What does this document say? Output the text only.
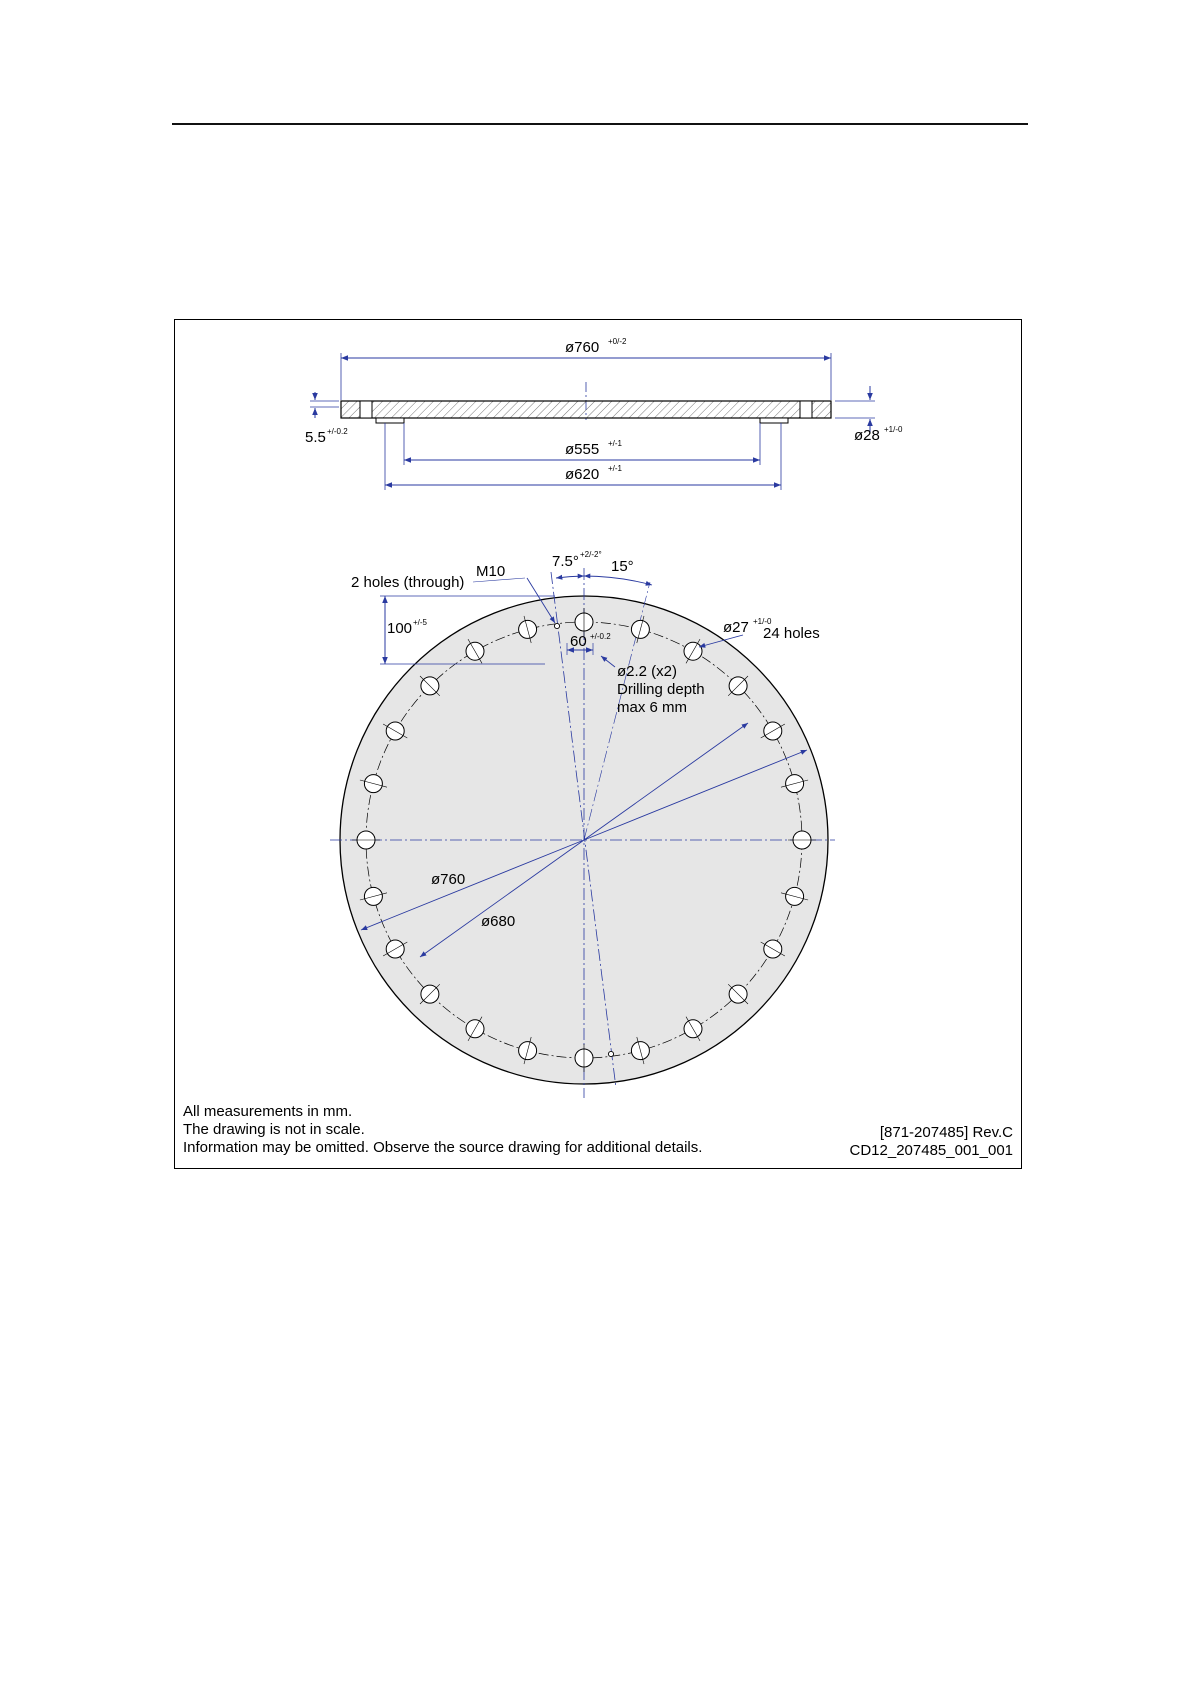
ø760 +0/-2
ø28 +1/-0
5.5 +/-0.2
ø555 +/-1
ø620 +/-1
ø760
ø680
7.5° +2/-2°
15°
M10
2 holes (through)
100 +/-5
60 +/-0.2
ø27 +1/-0
24 holes
ø2.2 (x2)
Drilling depth
max 6 mm
All measurements in mm.
The drawing is not in scale.
Information may be omitted. Observe the source drawing for additional details.
[871-207485] Rev.C
CD12_207485_001_001
